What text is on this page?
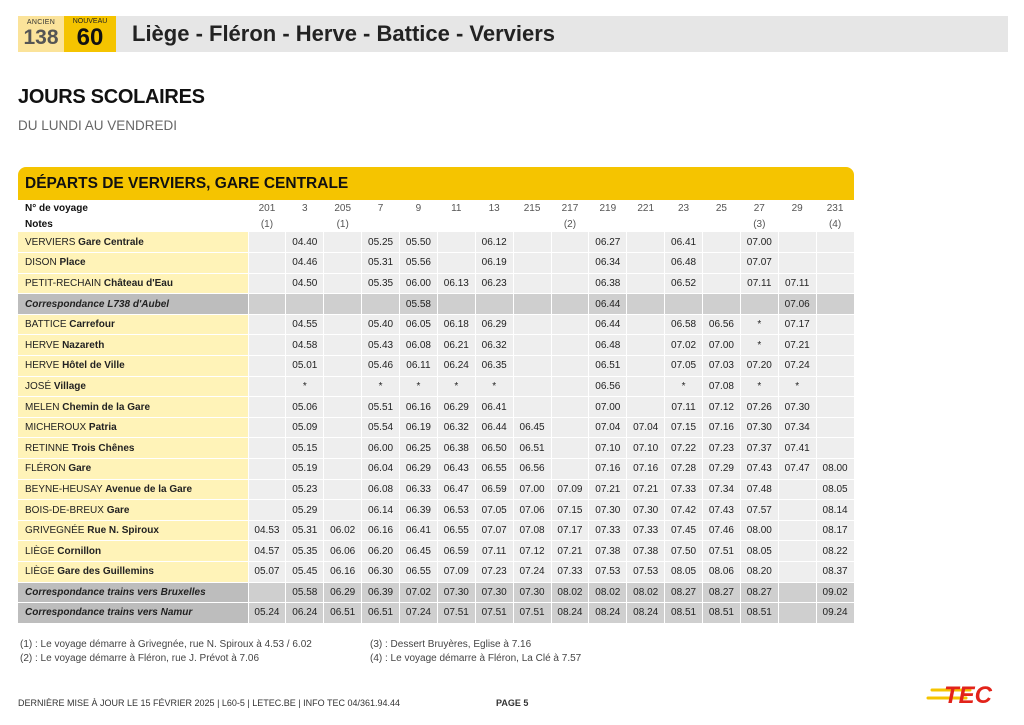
ANCIEN
138
NOUVEAU
60	Liège - Fléron - Herve - Battice - Verviers
JOURS SCOLAIRES
DU LUNDI AU VENDREDI
DÉPARTS DE VERVIERS, GARE CENTRALE
N° de voyage	201	3	205	7	9	11	13	215	217	219	221	23	25	27	29	231
Notes	(1)		(1)						(2)					(3)		(4)
VERVIERS Gare Centrale		04.40		05.25	05.50		06.12			06.27		06.41		07.00		
DISON Place		04.46		05.31	05.56		06.19			06.34		06.48		07.07		
PETIT-RECHAIN Château d'Eau		04.50		05.35	06.00	06.13	06.23			06.38		06.52		07.11	07.11	
Correspondance L738 d'Aubel					05.58					06.44					07.06	
BATTICE Carrefour		04.55		05.40	06.05	06.18	06.29			06.44		06.58	06.56	*	07.17	
HERVE Nazareth		04.58		05.43	06.08	06.21	06.32			06.48		07.02	07.00	*	07.21	
HERVE Hôtel de Ville		05.01		05.46	06.11	06.24	06.35			06.51		07.05	07.03	07.20	07.24	
JOSÉ Village		*		*	*	*	*			06.56		*	07.08	*	*	
MELEN Chemin de la Gare		05.06		05.51	06.16	06.29	06.41			07.00		07.11	07.12	07.26	07.30	
MICHEROUX Patria		05.09		05.54	06.19	06.32	06.44	06.45		07.04	07.04	07.15	07.16	07.30	07.34	
RETINNE Trois Chênes		05.15		06.00	06.25	06.38	06.50	06.51		07.10	07.10	07.22	07.23	07.37	07.41	
FLÉRON Gare		05.19		06.04	06.29	06.43	06.55	06.56		07.16	07.16	07.28	07.29	07.43	07.47	08.00
BEYNE-HEUSAY Avenue de la Gare		05.23		06.08	06.33	06.47	06.59	07.00	07.09	07.21	07.21	07.33	07.34	07.48		08.05
BOIS-DE-BREUX Gare		05.29		06.14	06.39	06.53	07.05	07.06	07.15	07.30	07.30	07.42	07.43	07.57		08.14
GRIVEGNÉE Rue N. Spiroux	04.53	05.31	06.02	06.16	06.41	06.55	07.07	07.08	07.17	07.33	07.33	07.45	07.46	08.00		08.17
LIÈGE Cornillon	04.57	05.35	06.06	06.20	06.45	06.59	07.11	07.12	07.21	07.38	07.38	07.50	07.51	08.05		08.22
LIÈGE Gare des Guillemins	05.07	05.45	06.16	06.30	06.55	07.09	07.23	07.24	07.33	07.53	07.53	08.05	08.06	08.20		08.37
Correspondance trains vers Bruxelles		05.58	06.29	06.39	07.02	07.30	07.30	07.30	08.02	08.02	08.02	08.27	08.27	08.27		09.02
Correspondance trains vers Namur	05.24	06.24	06.51	06.51	07.24	07.51	07.51	07.51	08.24	08.24	08.24	08.51	08.51	08.51		09.24
(1) : Le voyage démarre à Grivegnée, rue N. Spiroux à 4.53 / 6.02
(2) : Le voyage démarre à Fléron, rue J. Prévot à 7.06
(3) : Dessert Bruyères, Eglise à 7.16
(4) : Le voyage démarre à Fléron, La Clé à 7.57
DERNIÈRE MISE À JOUR LE 15 FÉVRIER 2025 | L60-5 | LETEC.BE | INFO TEC 04/361.94.44	PAGE 5	TEC
